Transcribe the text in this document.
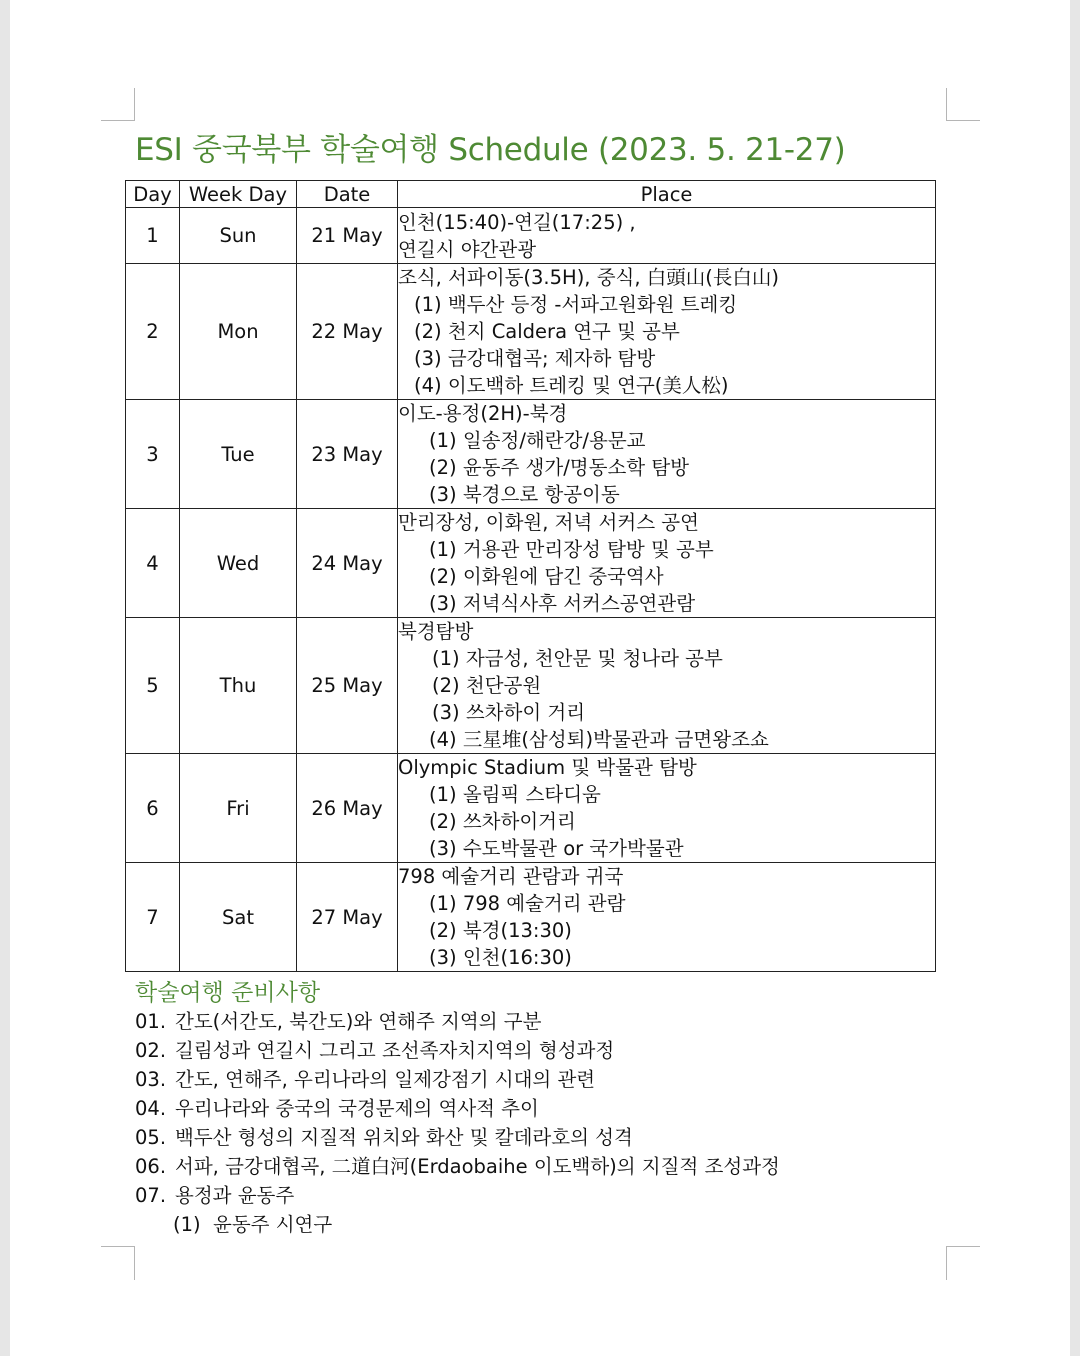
ESI 중국북부 학술여행 Schedule (2023. 5. 21-27)
Day	Week Day	Date	Place
1	Sun	21 May	인천(15:40)-연길(17:25) ,
연길시 야간관광

2	Mon	22 May	조식, 서파이동(3.5H), 중식, 白頭山(長白山)
(1) 백두산 등정 -서파고원화원 트레킹
(2) 천지 Caldera 연구 및 공부
(3) 금강대협곡; 제자하 탐방
(4) 이도백하 트레킹 및 연구(美人松)

3	Tue	23 May	이도-용정(2H)-북경
(1) 일송정/해란강/용문교
(2) 윤동주 생가/명동소학 탐방
(3) 북경으로 항공이동

4	Wed	24 May	만리장성, 이화원, 저녁 서커스 공연
(1) 거용관 만리장성 탐방 및 공부
(2) 이화원에 담긴 중국역사
(3) 저녁식사후 서커스공연관람

5	Thu	25 May	북경탐방
(1) 자금성, 천안문 및 청나라 공부
(2) 천단공원
(3) 쓰차하이 거리
(4) 三星堆(삼성퇴)박물관과 금면왕조쇼

6	Fri	26 May	Olympic Stadium 및 박물관 탐방
(1) 올림픽 스타디움
(2) 쓰차하이거리
(3) 수도박물관 or 국가박물관

7	Sat	27 May	798 예술거리 관람과 귀국
(1) 798 예술거리 관람
(2) 북경(13:30)
(3) 인천(16:30)
학술여행 준비사항
01. 간도(서간도, 북간도)와 연해주 지역의 구분
02. 길림성과 연길시 그리고 조선족자치지역의 형성과정
03. 간도, 연해주, 우리나라의 일제강점기 시대의 관련
04. 우리나라와 중국의 국경문제의 역사적 추이
05. 백두산 형성의 지질적 위치와 화산 및 칼데라호의 성격
06. 서파, 금강대협곡, 二道白河(Erdaobaihe 이도백하)의 지질적 조성과정
07. 용정과 윤동주
(1) 윤동주 시연구
